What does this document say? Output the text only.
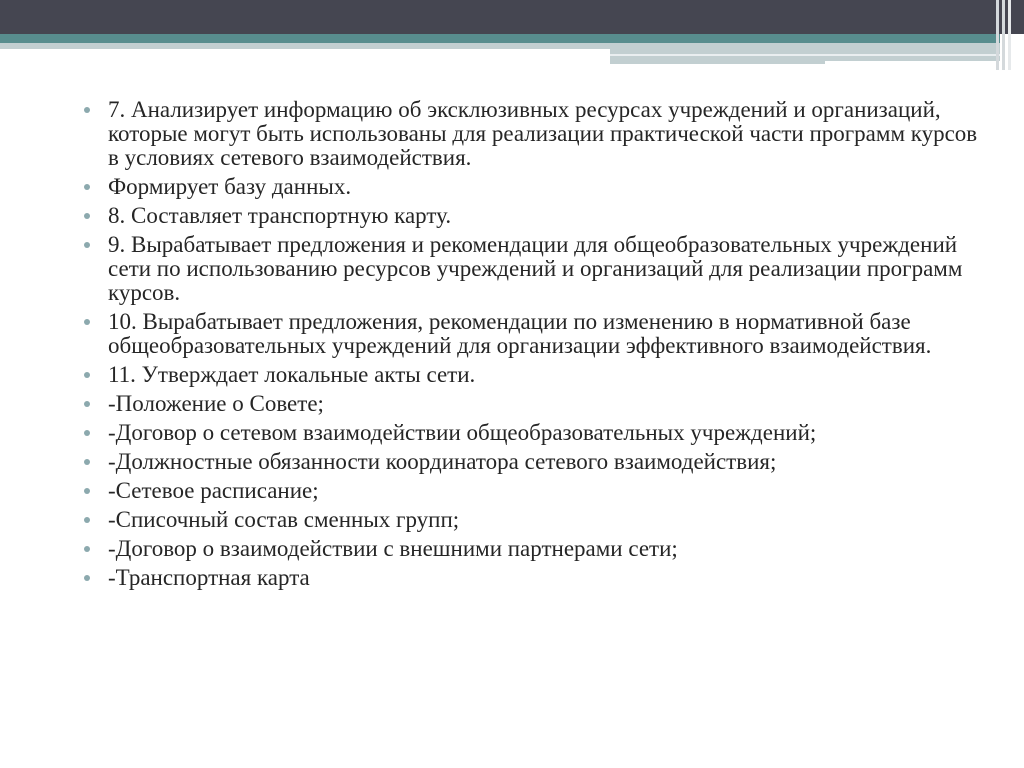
7. Анализирует информацию об эксклюзивных ресурсах учреждений и организаций, которые могут быть использованы для реализации практической части программ курсов в условиях сетевого взаимодействия.
Формирует базу данных.
8. Составляет транспортную карту.
9. Вырабатывает предложения и рекомендации для общеобразовательных учреждений сети по использованию ресурсов учреждений и организаций для реализации программ курсов.
10. Вырабатывает предложения, рекомендации по изменению в нормативной базе общеобразовательных учреждений для организации эффективного взаимодействия.
11. Утверждает локальные акты сети.
-Положение о Совете;
-Договор о сетевом взаимодействии общеобразовательных учреждений;
-Должностные обязанности координатора сетевого взаимодействия;
-Сетевое расписание;
-Списочный состав сменных групп;
-Договор о взаимодействии с внешними партнерами сети;
-Транспортная карта
